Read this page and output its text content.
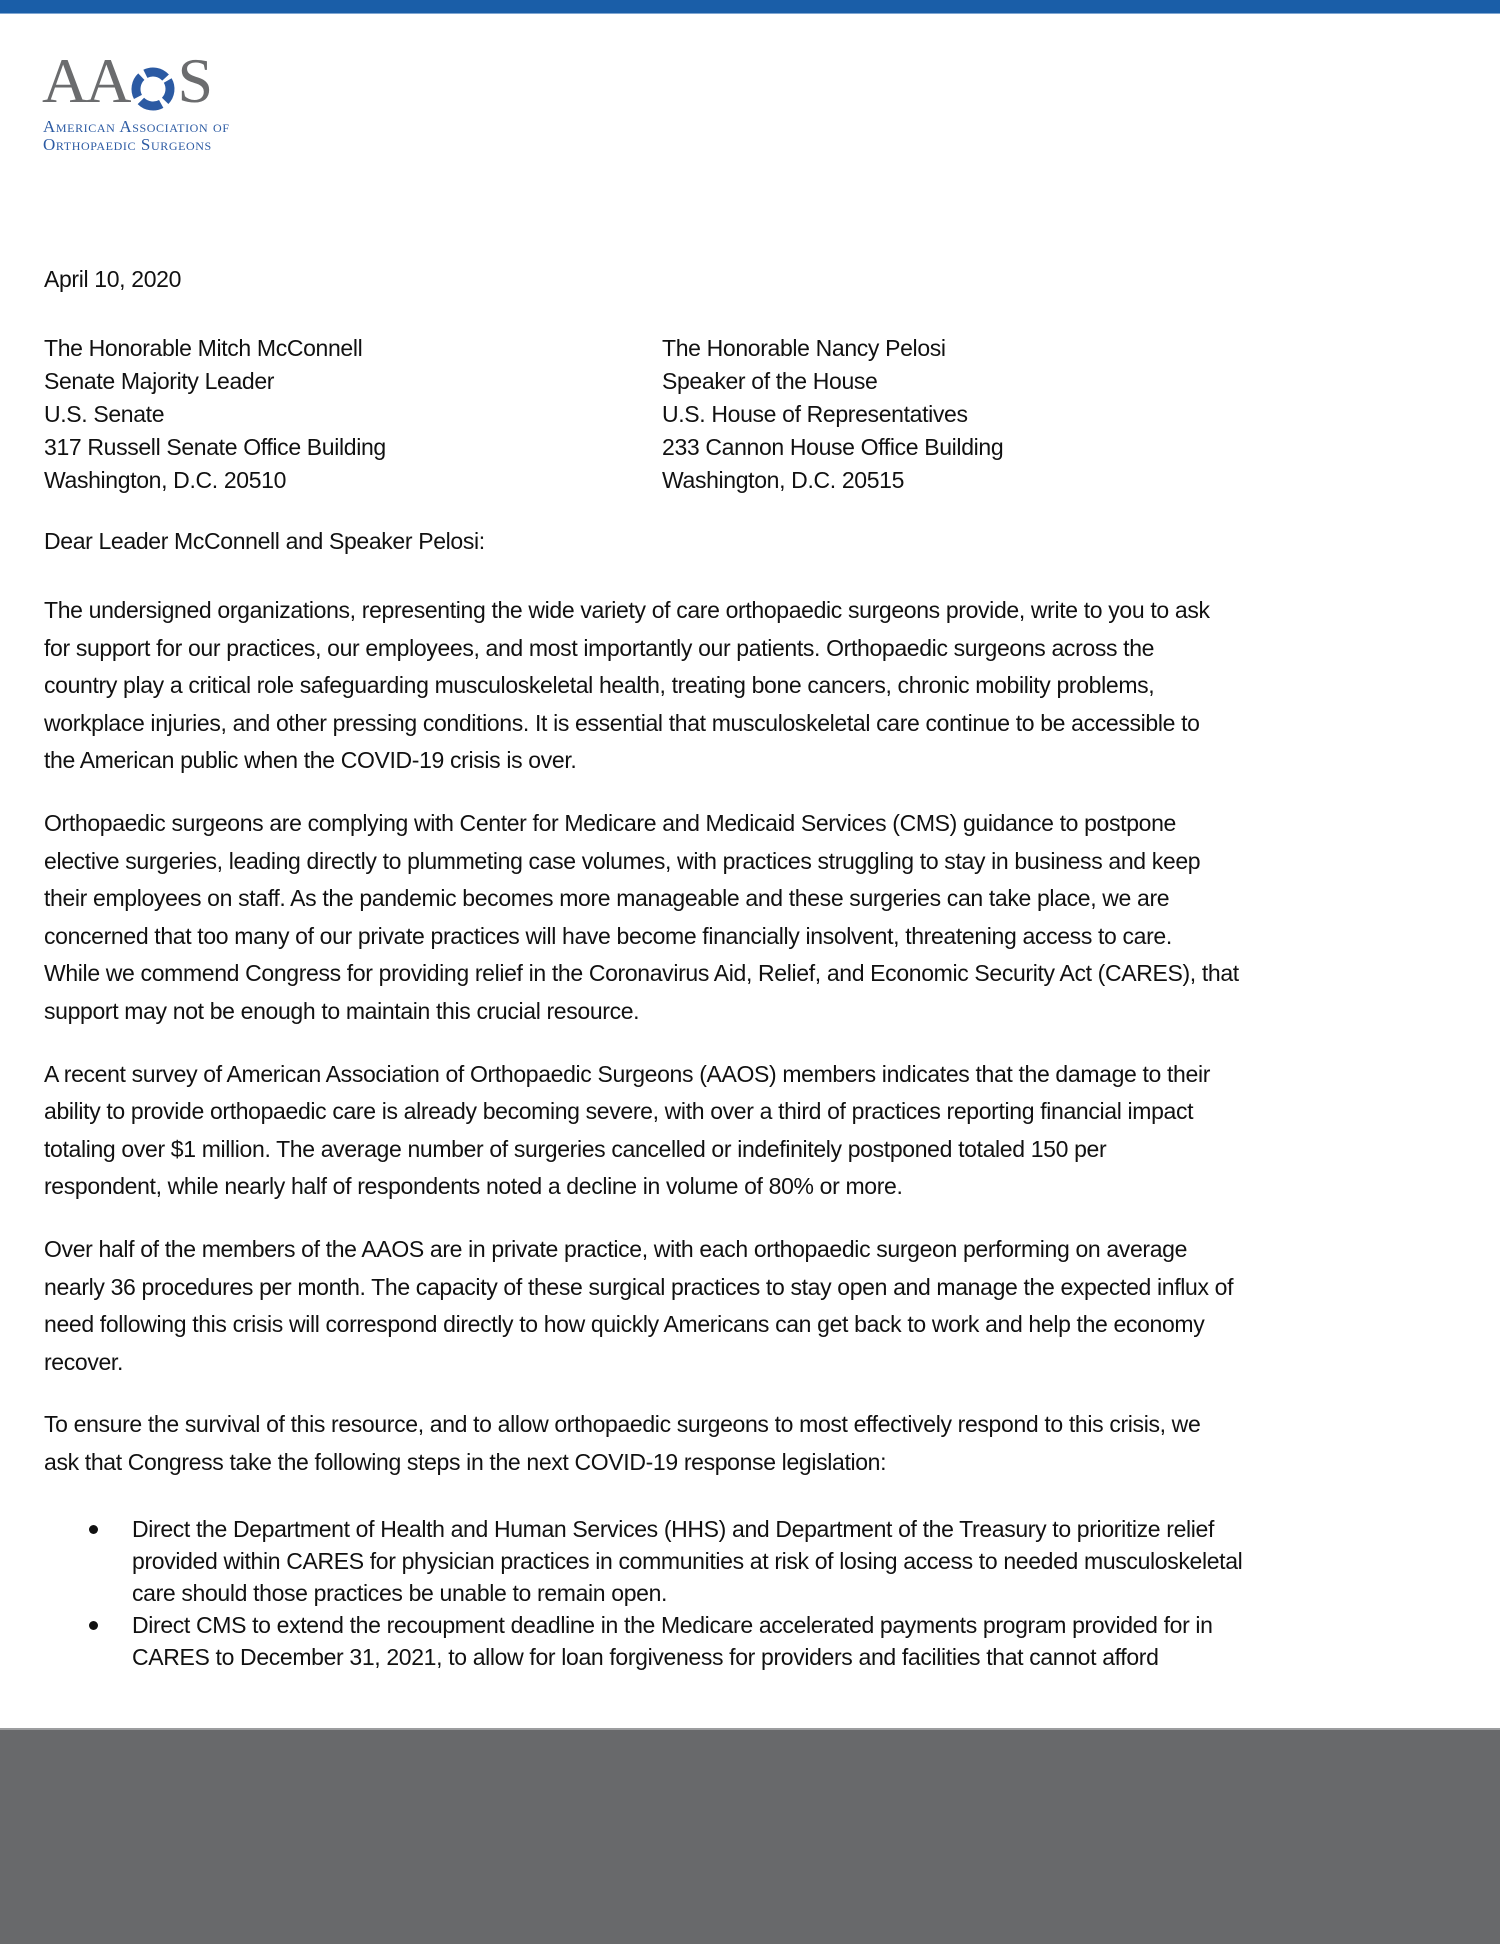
AA S
American Association of
Orthopaedic Surgeons
April 10, 2020
The Honorable Mitch McConnell
Senate Majority Leader
U.S. Senate
317 Russell Senate Office Building
Washington, D.C. 20510
The Honorable Nancy Pelosi
Speaker of the House
U.S. House of Representatives
233 Cannon House Office Building
Washington, D.C. 20515
Dear Leader McConnell and Speaker Pelosi:

The undersigned organizations, representing the wide variety of care orthopaedic surgeons provide, write to you to ask
for support for our practices, our employees, and most importantly our patients. Orthopaedic surgeons across the
country play a critical role safeguarding musculoskeletal health, treating bone cancers, chronic mobility problems,
workplace injuries, and other pressing conditions. It is essential that musculoskeletal care continue to be accessible to
the American public when the COVID-19 crisis is over.

Orthopaedic surgeons are complying with Center for Medicare and Medicaid Services (CMS) guidance to postpone
elective surgeries, leading directly to plummeting case volumes, with practices struggling to stay in business and keep
their employees on staff. As the pandemic becomes more manageable and these surgeries can take place, we are
concerned that too many of our private practices will have become financially insolvent, threatening access to care.
While we commend Congress for providing relief in the Coronavirus Aid, Relief, and Economic Security Act (CARES), that
support may not be enough to maintain this crucial resource.

A recent survey of American Association of Orthopaedic Surgeons (AAOS) members indicates that the damage to their
ability to provide orthopaedic care is already becoming severe, with over a third of practices reporting financial impact
totaling over $1 million. The average number of surgeries cancelled or indefinitely postponed totaled 150 per
respondent, while nearly half of respondents noted a decline in volume of 80% or more.

Over half of the members of the AAOS are in private practice, with each orthopaedic surgeon performing on average
nearly 36 procedures per month. The capacity of these surgical practices to stay open and manage the expected influx of
need following this crisis will correspond directly to how quickly Americans can get back to work and help the economy
recover.

To ensure the survival of this resource, and to allow orthopaedic surgeons to most effectively respond to this crisis, we
ask that Congress take the following steps in the next COVID-19 response legislation:

Direct the Department of Health and Human Services (HHS) and Department of the Treasury to prioritize relief
provided within CARES for physician practices in communities at risk of losing access to needed musculoskeletal
care should those practices be unable to remain open.
Direct CMS to extend the recoupment deadline in the Medicare accelerated payments program provided for in
CARES to December 31, 2021, to allow for loan forgiveness for providers and facilities that cannot afford
